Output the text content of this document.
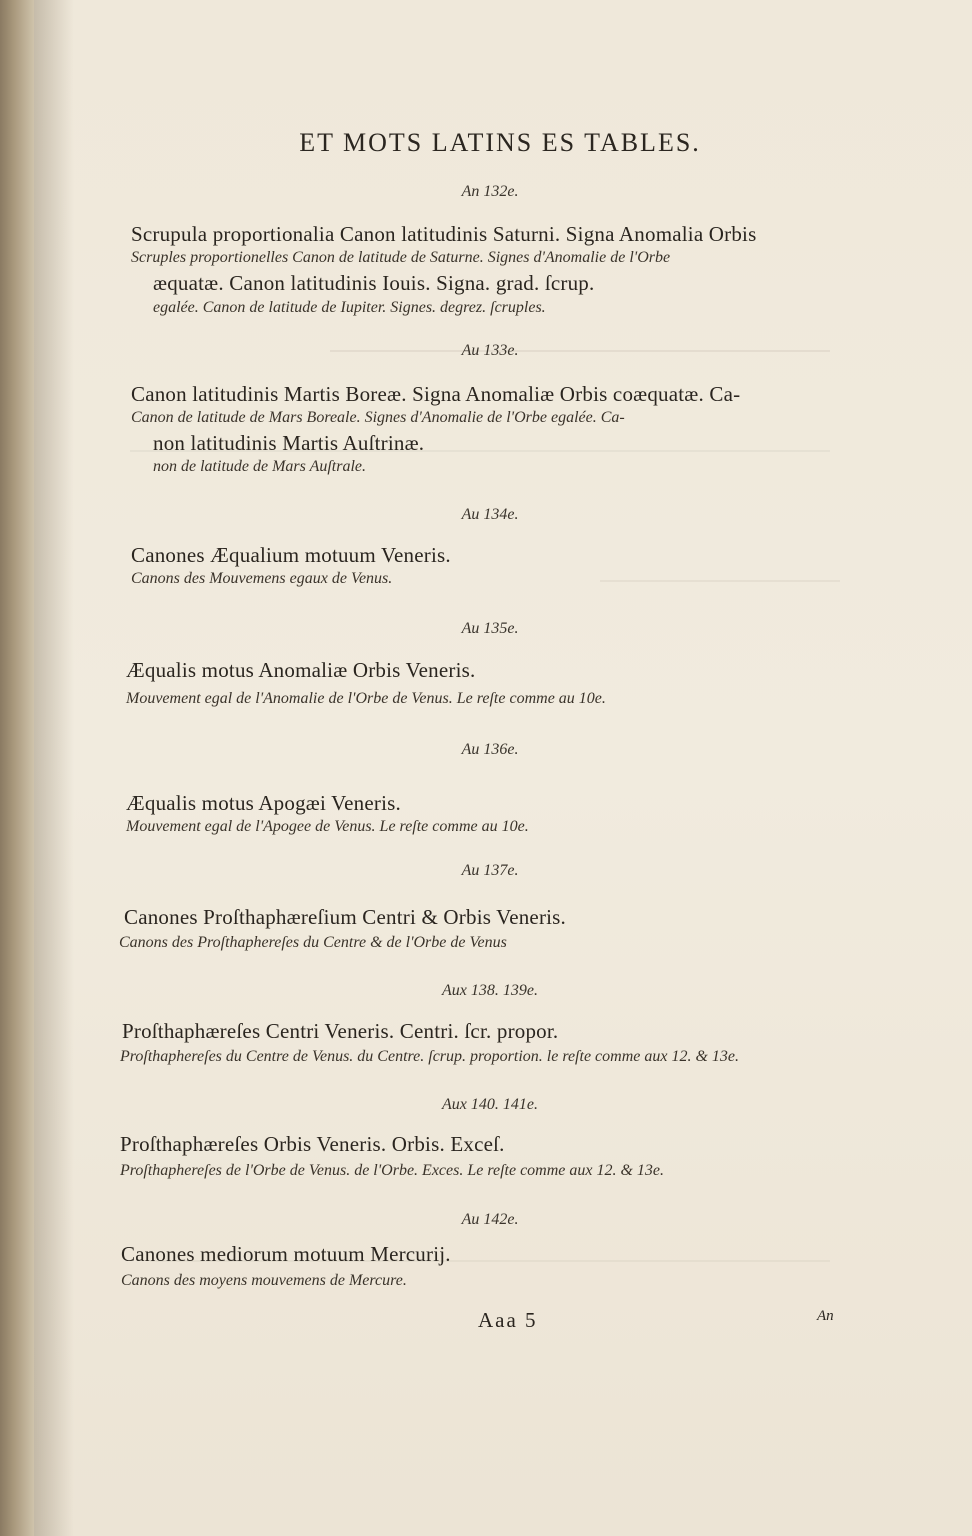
ET MOTS LATINS ES TABLES.
An 132e.
Scrupula proportionalia Canon latitudinis Saturni. Signa Anomalia Orbis
Scruples proportionelles Canon de latitude de Saturne. Signes d'Anomalie de l'Orbe
æquatæ. Canon latitudinis Iouis. Signa. grad. ſcrup.
egalée. Canon de latitude de Iupiter. Signes. degrez. ſcruples.
Au 133e.
Canon latitudinis Martis Boreæ. Signa Anomaliæ Orbis coæquatæ. Ca-
Canon de latitude de Mars Boreale. Signes d'Anomalie de l'Orbe egalée. Ca-
non latitudinis Martis Auſtrinæ.
non de latitude de Mars Auſtrale.
Au 134e.
Canones Æqualium motuum Veneris.
Canons des Mouvemens egaux de Venus.
Au 135e.
Æqualis motus Anomaliæ Orbis Veneris.
Mouvement egal de l'Anomalie de l'Orbe de Venus. Le reſte comme au 10e.
Au 136e.
Æqualis motus Apogæi Veneris.
Mouvement egal de l'Apogee de Venus. Le reſte comme au 10e.
Au 137e.
Canones Proſthaphæreſium Centri & Orbis Veneris.
Canons des Proſthaphereſes du Centre & de l'Orbe de Venus
Aux 138. 139e.
Proſthaphæreſes Centri Veneris. Centri. ſcr. propor.
Proſthaphereſes du Centre de Venus. du Centre. ſcrup. proportion. le reſte comme aux 12. & 13e.
Aux 140. 141e.
Proſthaphæreſes Orbis Veneris. Orbis. Exceſ.
Proſthaphereſes de l'Orbe de Venus. de l'Orbe. Exces. Le reſte comme aux 12. & 13e.
Au 142e.
Canones mediorum motuum Mercurij.
Canons des moyens mouvemens de Mercure.
Aaa 5	An
